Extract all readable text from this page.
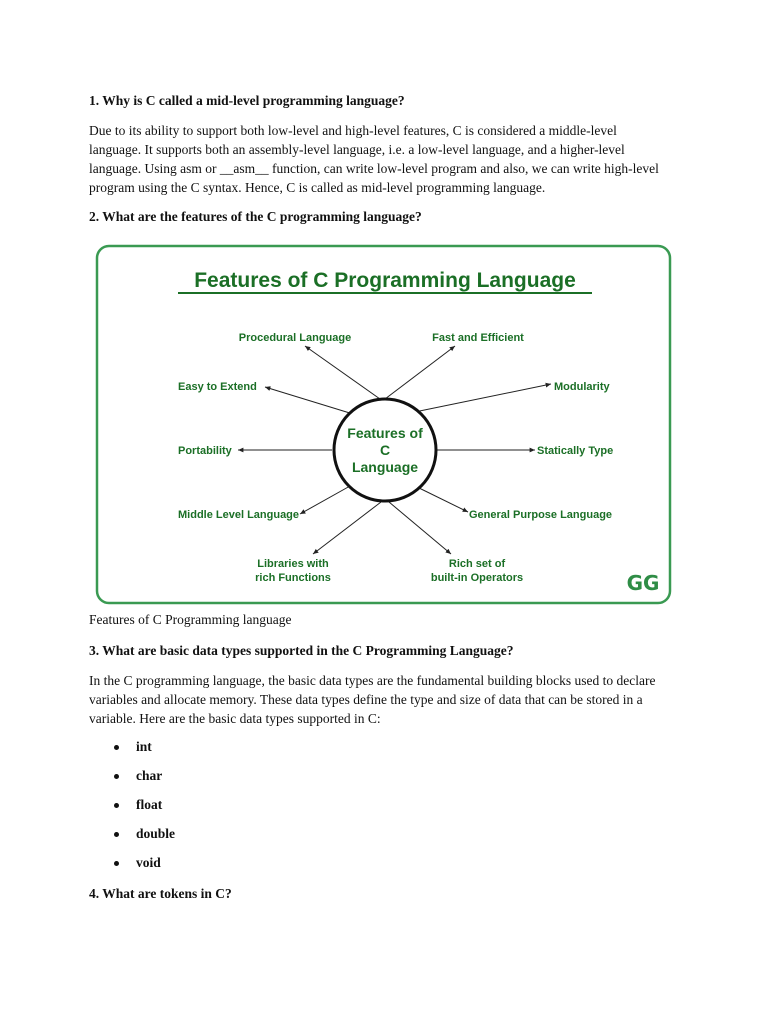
1. Why is C called a mid-level programming language?
Due to its ability to support both low-level and high-level features, C is considered a middle-level
language. It supports both an assembly-level language, i.e. a low-level language, and a higher-level
language. Using asm or __asm__ function, can write low-level program and also, we can write high-level
program using the C syntax. Hence, C is called as mid-level programming language.
2. What are the features of the C programming language?
Features of C Programming language
3. What are basic data types supported in the C Programming Language?
In the C programming language, the basic data types are the fundamental building blocks used to declare
variables and allocate memory. These data types define the type and size of data that can be stored in a
variable. Here are the basic data types supported in C:
int
char
float
double
void
4. What are tokens in C?
Features of C Programming Language
Features of
C
Language
Procedural Language	Fast and Efficient
Easy to Extend	Modularity
Portability	Statically Type
Middle Level Language	General Purpose Language
Libraries with
rich Functions
Rich set of
built-in Operators	GG
